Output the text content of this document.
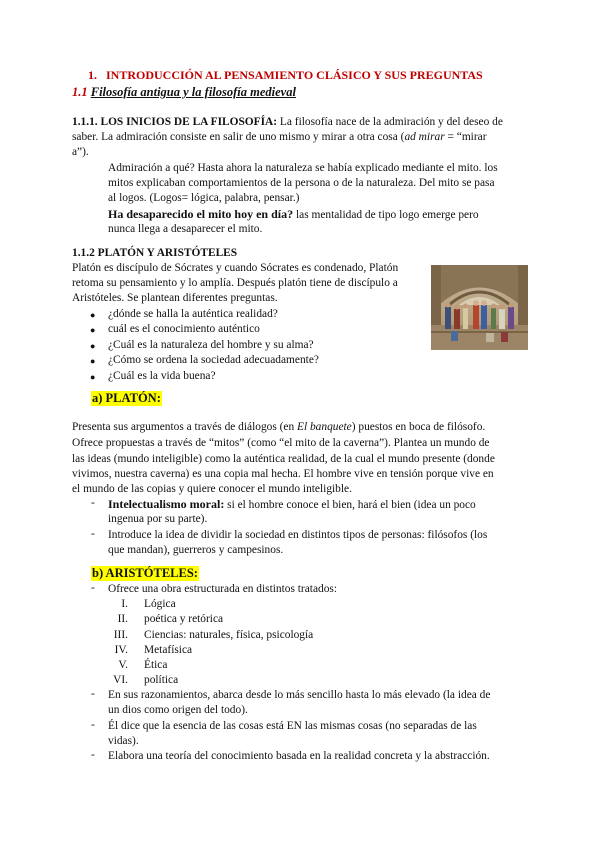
1. INTRODUCCIÓN AL PENSAMIENTO CLÁSICO Y SUS PREGUNTAS
1.1 Filosofía antigua y la filosofía medieval
1.1.1. LOS INICIOS DE LA FILOSOFÍA: La filosofía nace de la admiración y del deseo de
saber. La admiración consiste en salir de uno mismo y mirar a otra cosa (ad mirar = “mirar
a”).
Admiración a qué? Hasta ahora la naturaleza se había explicado mediante el mito. los
mitos explicaban comportamientos de la persona o de la naturaleza. Del mito se pasa
al logos. (Logos= lógica, palabra, pensar.)
Ha desaparecido el mito hoy en día? las mentalidad de tipo logo emerge pero
nunca llega a desaparecer el mito.
1.1.2 PLATÓN Y ARISTÓTELES
Platón es discípulo de Sócrates y cuando Sócrates es condenado, Platón
retoma su pensamiento y lo amplía. Después platón tiene de discípulo a
Aristóteles. Se plantean diferentes preguntas.
● ¿dónde se halla la auténtica realidad?
● cuál es el conocimiento auténtico
● ¿Cuál es la naturaleza del hombre y su alma?
● ¿Cómo se ordena la sociedad adecuadamente?
● ¿Cuál es la vida buena?
a) PLATÓN:
Presenta sus argumentos a través de diálogos (en El banquete) puestos en boca de filósofo.
Ofrece propuestas a través de “mitos” (como “el mito de la caverna”). Plantea un mundo de
las ideas (mundo inteligible) como la auténtica realidad, de la cual el mundo presente (donde
vivimos, nuestra caverna) es una copia mal hecha. El hombre vive en tensión porque vive en
el mundo de las copias y quiere conocer el mundo inteligible.
- Intelectualismo moral: si el hombre conoce el bien, hará el bien (idea un poco
ingenua por su parte).
- Introduce la idea de dividir la sociedad en distintos tipos de personas: filósofos (los
que mandan), guerreros y campesinos.
b) ARISTÓTELES:
- Ofrece una obra estructurada en distintos tratados:
I. Lógica
II. poética y retórica
III. Ciencias: naturales, física, psicología
IV. Metafísica
V. Ética
VI. política
- En sus razonamientos, abarca desde lo más sencillo hasta lo más elevado (la idea de
un dios como origen del todo).
- Él dice que la esencia de las cosas está EN las mismas cosas (no separadas de las
vidas).
- Elabora una teoría del conocimiento basada en la realidad concreta y la abstracción.
